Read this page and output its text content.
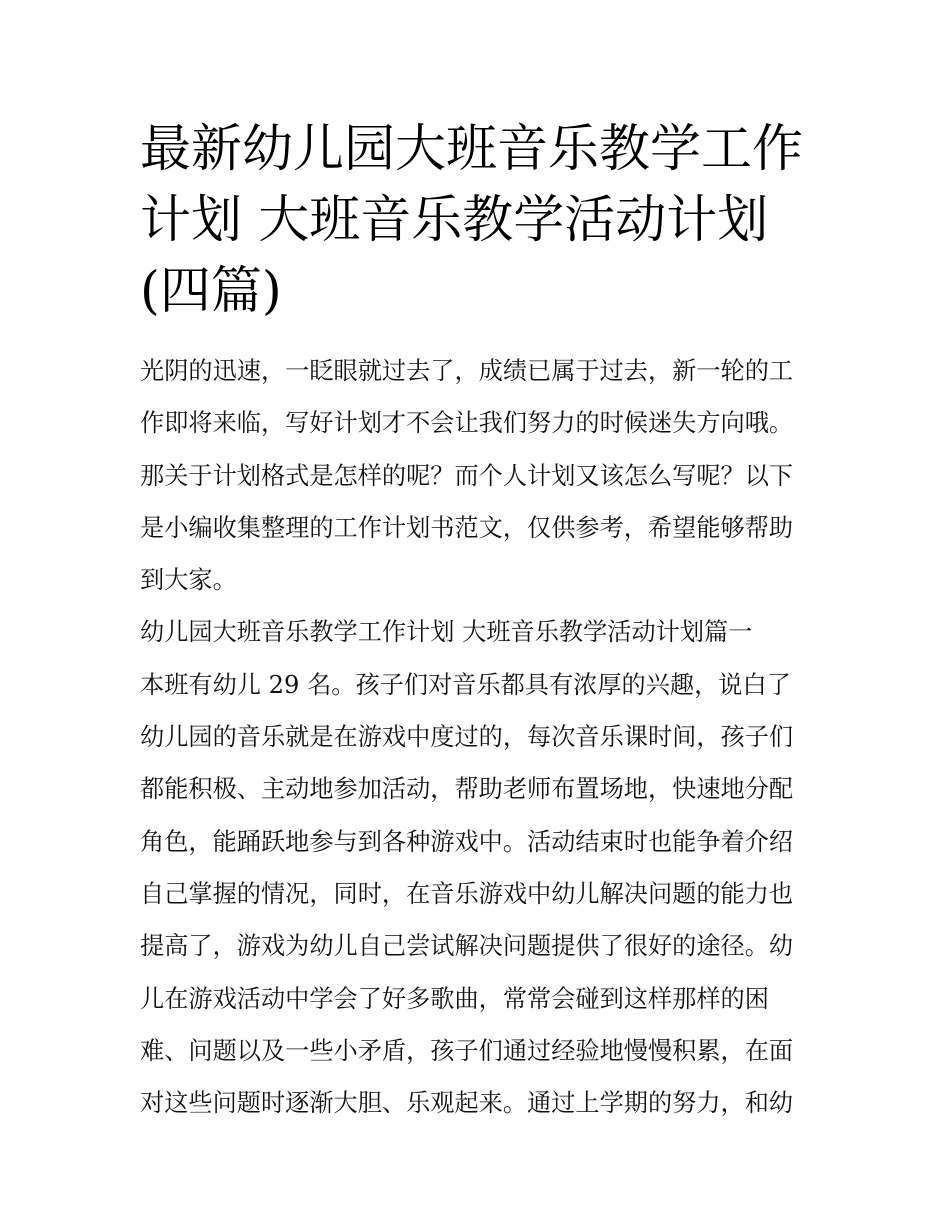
最新幼儿园大班音乐教学工作
计划 大班音乐教学活动计划
(四篇)
光阴的迅速，一眨眼就过去了，成绩已属于过去，新一轮的工
作即将来临，写好计划才不会让我们努力的时候迷失方向哦。
那关于计划格式是怎样的呢？而个人计划又该怎么写呢？以下
是小编收集整理的工作计划书范文，仅供参考，希望能够帮助
到大家。
幼儿园大班音乐教学工作计划 大班音乐教学活动计划篇一
本班有幼儿 29 名。孩子们对音乐都具有浓厚的兴趣，说白了
幼儿园的音乐就是在游戏中度过的，每次音乐课时间，孩子们
都能积极、主动地参加活动，帮助老师布置场地，快速地分配
角色，能踊跃地参与到各种游戏中。活动结束时也能争着介绍
自己掌握的情况，同时，在音乐游戏中幼儿解决问题的能力也
提高了，游戏为幼儿自己尝试解决问题提供了很好的途径。幼
儿在游戏活动中学会了好多歌曲，常常会碰到这样那样的困
难、问题以及一些小矛盾，孩子们通过经验地慢慢积累，在面
对这些问题时逐渐大胆、乐观起来。通过上学期的努力，和幼
